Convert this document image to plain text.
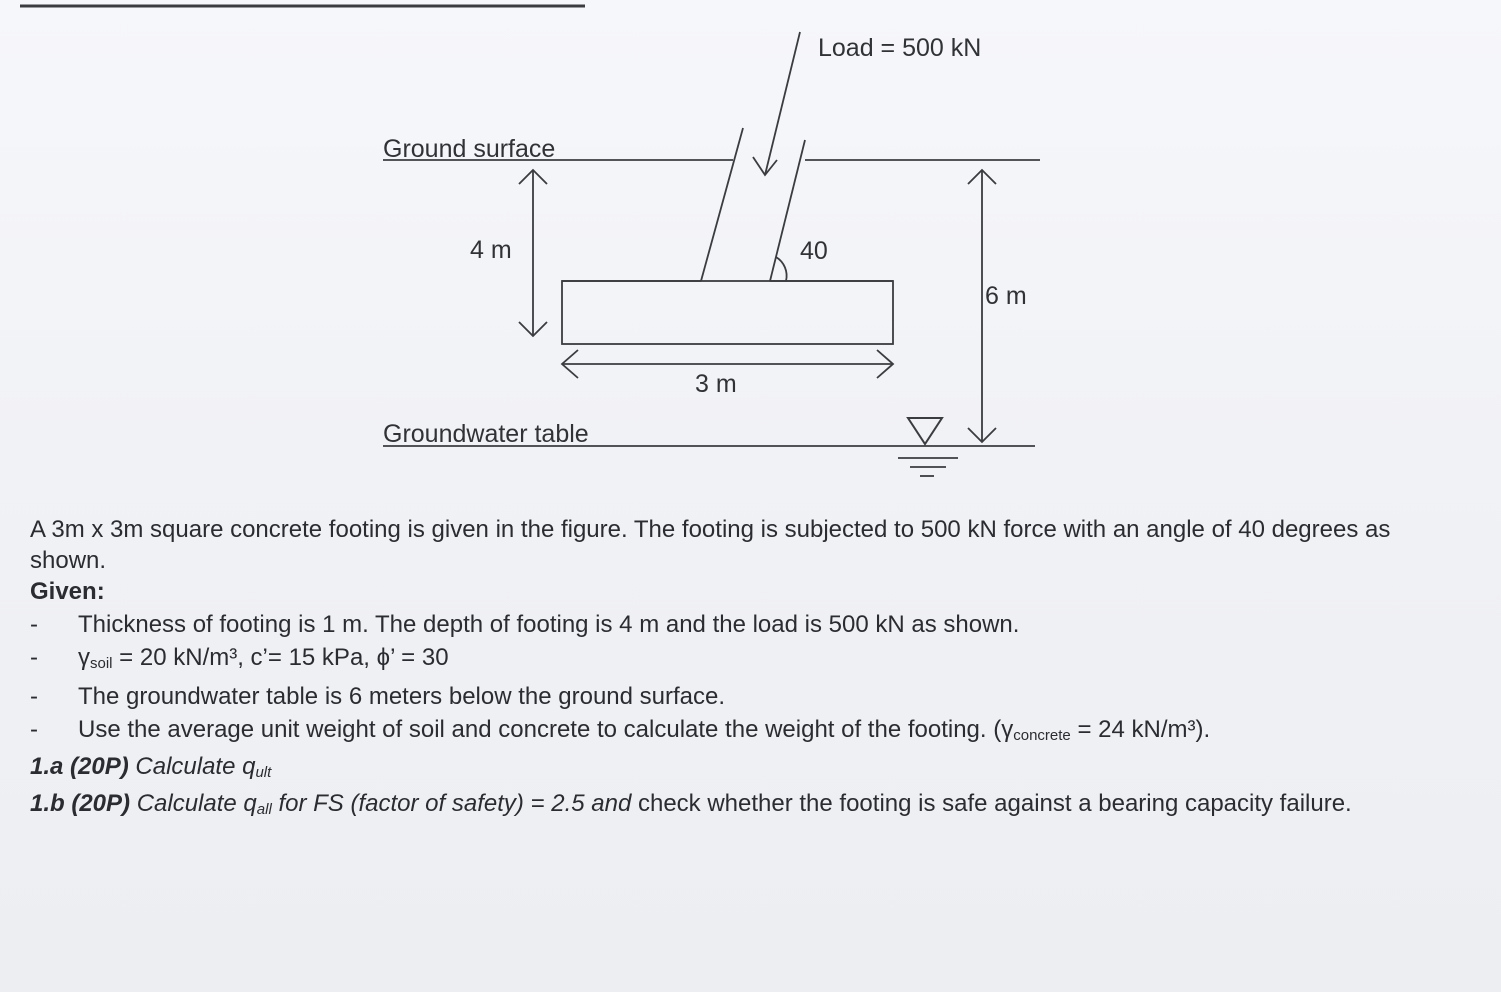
Load = 500 kN
Ground surface
4 m	40
6 m
3 m
Groundwater table

A 3m x 3m square concrete footing is given in the figure. The footing is subjected to 500 kN force with an angle of 40 degrees as shown.

Given:

- Thickness of footing is 1 m. The depth of footing is 4 m and the load is 500 kN as shown.
- $\gamma_{soil} = 20$ kN/m³, c’= 15 kPa, ϕ’ = 30
- The groundwater table is 6 meters below the ground surface.
- Use the average unit weight of soil and concrete to calculate the weight of the footing. ($\gamma_{concrete} = 24$ kN/m³).

1.a (20P) Calculate $q_{ult}$

1.b (20P) Calculate $q_{all}$ for FS (factor of safety) = 2.5 and check whether the footing is safe against a bearing capacity failure.
